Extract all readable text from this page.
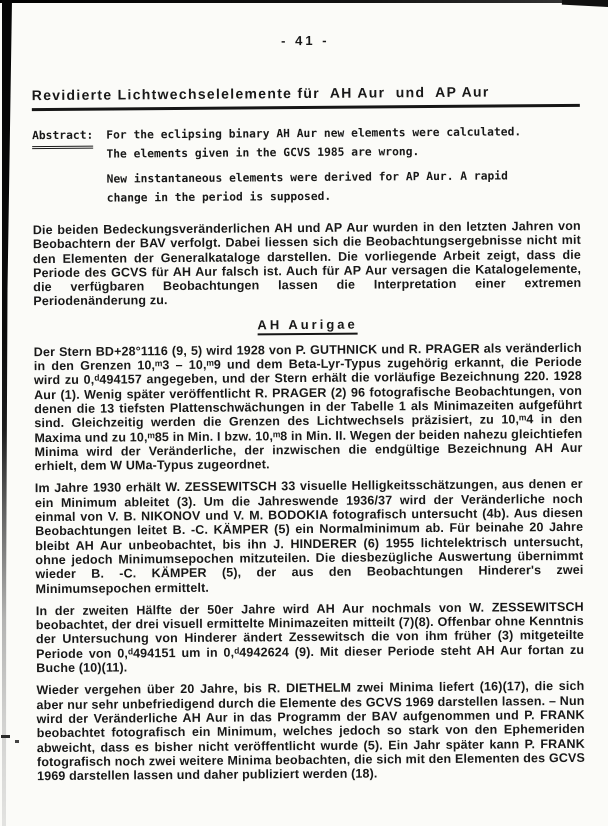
- 41 -
Revidierte Lichtwechselelemente für  AH Aur  und  AP Aur
Abstract: For the eclipsing binary AH Aur new elements were calculated. The elements given in the GCVS 1985 are wrong.

New instantaneous elements were derived for AP Aur. A rapid change in the period is supposed.

Die beiden Bedeckungsveränderlichen AH und AP Aur wurden in den letzten Jahren von Beobachtern der BAV verfolgt. Dabei liessen sich die Beobachtungsergebnisse nicht mit den Elementen der Generalkataloge darstellen. Die vorliegende Arbeit zeigt, dass die Periode des GCVS für AH Aur falsch ist. Auch für AP Aur versagen die Katalogelemente, die verfügbaren Beobachtungen lassen die Interpretation einer extremen Periodenänderung zu.

AH Aurigae

Der Stern BD+28°1116 (9, 5) wird 1928 von P. GUTHNICK und R. PRAGER als veränderlich in den Grenzen 10,ᵐ3 – 10,ᵐ9 und dem Beta-Lyr-Typus zugehörig erkannt, die Periode wird zu 0,ᵈ494157 angegeben, und der Stern erhält die vorläufige Bezeichnung 220. 1928 Aur (1). Wenig später veröffentlicht R. PRAGER (2) 96 fotografische Beobachtungen, von denen die 13 tiefsten Plattenschwächungen in der Tabelle 1 als Minimazeiten aufgeführt sind. Gleichzeitig werden die Grenzen des Lichtwechsels präzisiert, zu 10,ᵐ4 in den Maxima und zu 10,ᵐ85 in Min. I bzw. 10,ᵐ8 in Min. II. Wegen der beiden nahezu gleichtiefen Minima wird der Veränderliche, der inzwischen die endgültige Bezeichnung AH Aur erhielt, dem W UMa-Typus zugeordnet.

Im Jahre 1930 erhält W. ZESSEWITSCH 33 visuelle Helligkeitsschätzungen, aus denen er ein Minimum ableitet (3). Um die Jahreswende 1936/37 wird der Veränderliche noch einmal von V. B. NIKONOV und V. M. BODOKIA fotografisch untersucht (4b). Aus diesen Beobachtungen leitet B. -C. KÄMPER (5) ein Normalminimum ab. Für beinahe 20 Jahre bleibt AH Aur unbeobachtet, bis ihn J. HINDERER (6) 1955 lichtelektrisch untersucht, ohne jedoch Minimumsepochen mitzuteilen. Die diesbezügliche Auswertung übernimmt wieder B. -C. KÄMPER (5), der aus den Beobachtungen Hinderer's zwei Minimumsepochen ermittelt.

In der zweiten Hälfte der 50er Jahre wird AH Aur nochmals von W. ZESSEWITSCH beobachtet, der drei visuell ermittelte Minimazeiten mitteilt (7)(8). Offenbar ohne Kenntnis der Untersuchung von Hinderer ändert Zessewitsch die von ihm früher (3) mitgeteilte Periode von 0,ᵈ494151 um in 0,ᵈ4942624 (9). Mit dieser Periode steht AH Aur fortan zu Buche (10)(11).

Wieder vergehen über 20 Jahre, bis R. DIETHELM zwei Minima liefert (16)(17), die sich aber nur sehr unbefriedigend durch die Elemente des GCVS 1969 darstellen lassen. – Nun wird der Veränderliche AH Aur in das Programm der BAV aufgenommen und P. FRANK beobachtet fotografisch ein Minimum, welches jedoch so stark von den Ephemeriden abweicht, dass es bisher nicht veröffentlicht wurde (5). Ein Jahr später kann P. FRANK fotografisch noch zwei weitere Minima beobachten, die sich mit den Elementen des GCVS 1969 darstellen lassen und daher publiziert werden (18).
